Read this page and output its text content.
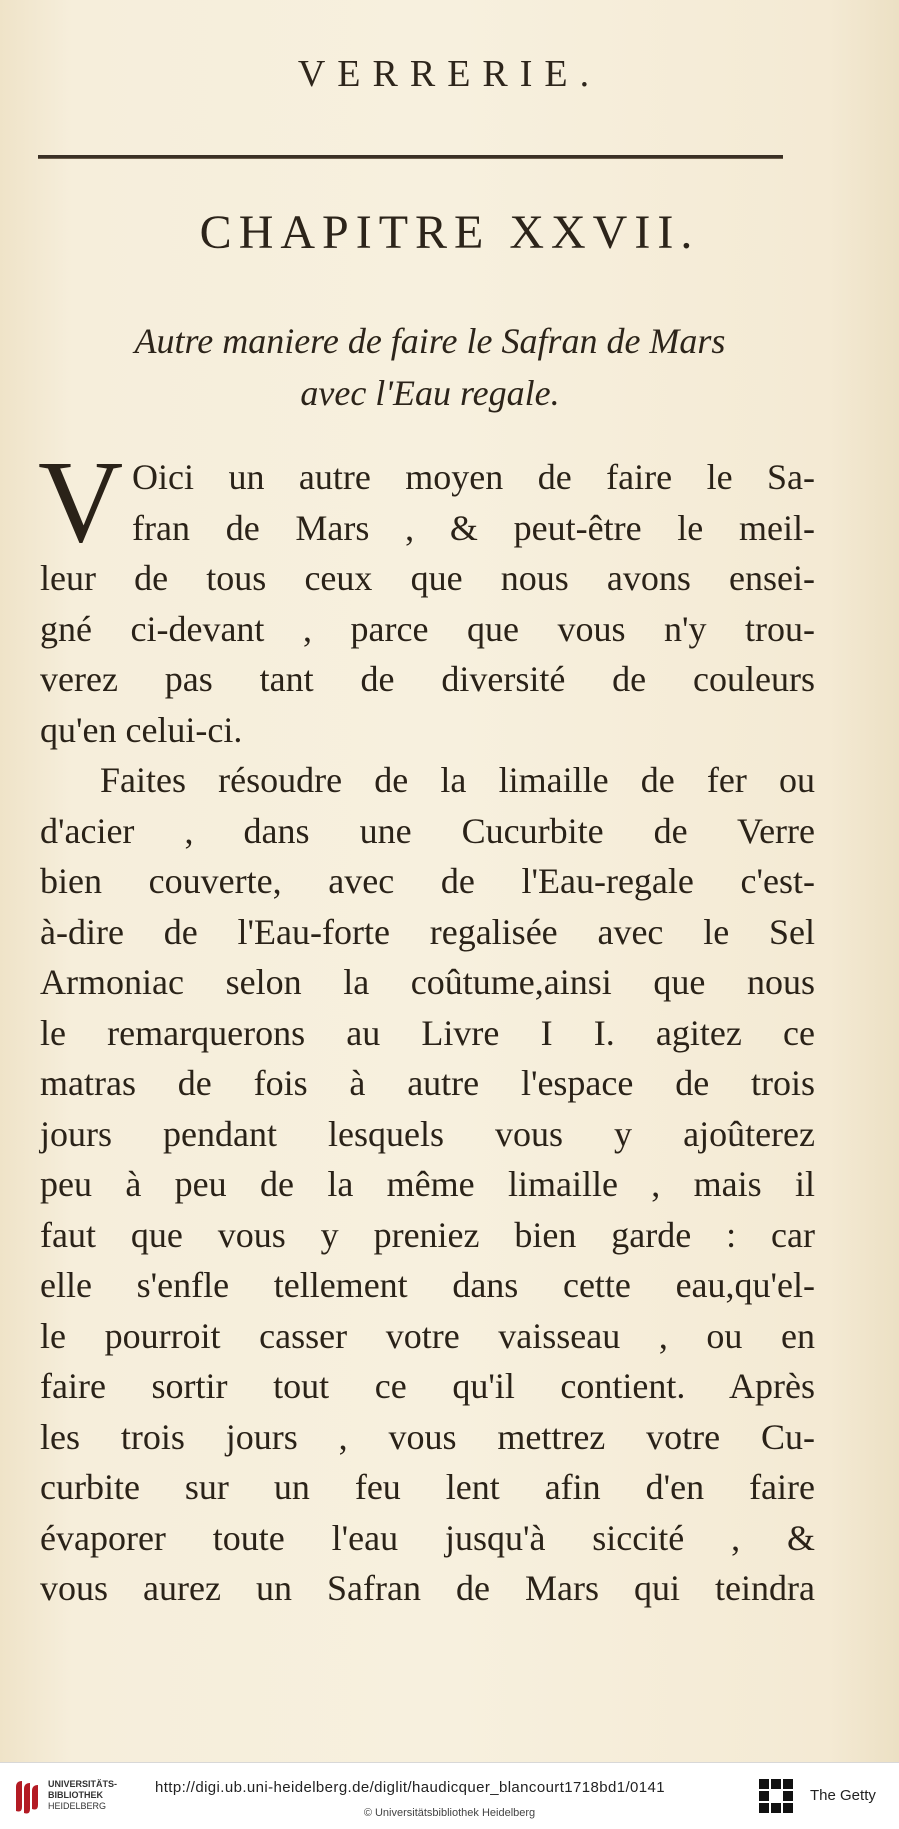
VERRERIE.
CHAPITRE XXVII.
Autre maniere de faire le Safran de Mars
avec l'Eau regale.
V Oici un autre moyen de faire le Sa-
fran de Mars , & peut-être le meil-
leur de tous ceux que nous avons ensei-
gné ci-devant , parce que vous n'y trou-
verez pas tant de diversité de couleurs
qu'en celui-ci.
Faites résoudre de la limaille de fer ou
d'acier , dans une Cucurbite de Verre
bien couverte, avec de l'Eau-regale c'est-
à-dire de l'Eau-forte regalisée avec le Sel
Armoniac selon la coûtume,ainsi que nous
le remarquerons au Livre I I. agitez ce
matras de fois à autre l'espace de trois
jours pendant lesquels vous y ajoûterez
peu à peu de la même limaille , mais il
faut que vous y preniez bien garde : car
elle s'enfle tellement dans cette eau,qu'el-
le pourroit casser votre vaisseau , ou en
faire sortir tout ce qu'il contient. Après
les trois jours , vous mettrez votre Cu-
curbite sur un feu lent afin d'en faire
évaporer toute l'eau jusqu'à siccité , &
vous aurez un Safran de Mars qui teindra
UNIVERSITÄTS-
BIBLIOTHEK
HEIDELBERG
http://digi.ub.uni-heidelberg.de/diglit/haudicquer_blancourt1718bd1/0141
© Universitätsbibliothek Heidelberg
The Getty
